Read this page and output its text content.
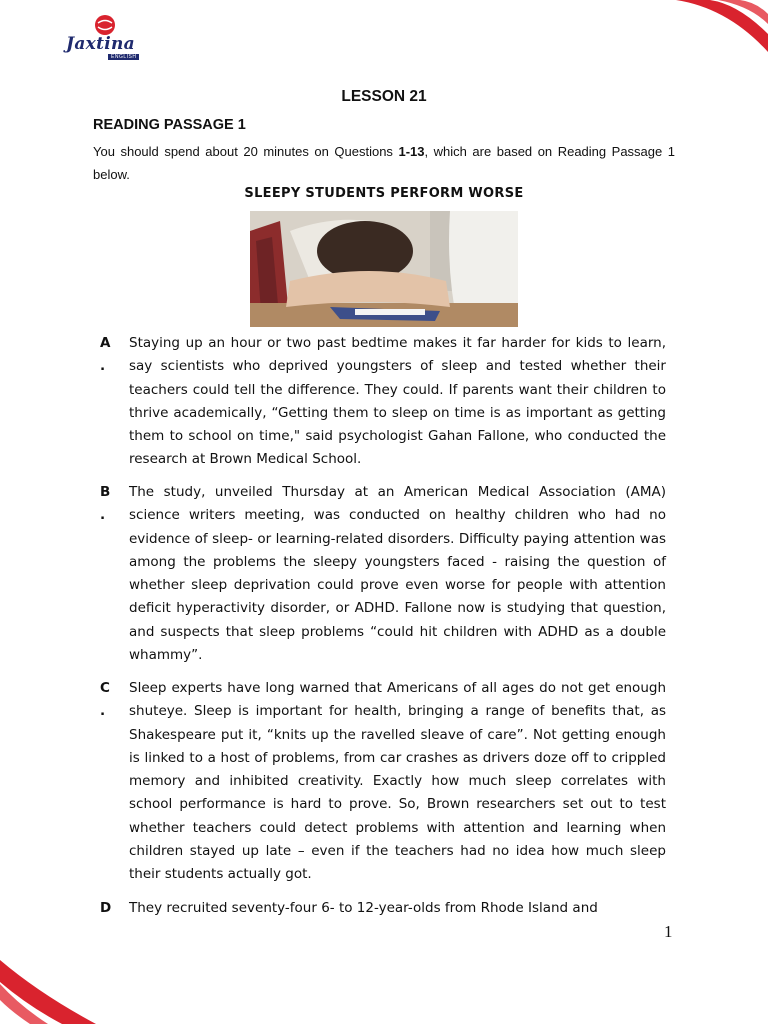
Jaxtina
ENGLISH
LESSON 21
READING PASSAGE 1
You should spend about 20 minutes on Questions 1-13, which are based on Reading Passage 1 below.
SLEEPY STUDENTS PERFORM WORSE
A
.
Staying up an hour or two past bedtime makes it far harder for kids to learn, say scientists who deprived youngsters of sleep and tested whether their teachers could tell the difference. They could. If parents want their children to thrive academically, “Getting them to sleep on time is as important as getting them to school on time," said psychologist Gahan Fallone, who conducted the research at Brown Medical School.
B
.
The study, unveiled Thursday at an American Medical Association (AMA) science writers meeting, was conducted on healthy children who had no evidence of sleep- or learning-related disorders. Difficulty paying attention was among the problems the sleepy youngsters faced - raising the question of whether sleep deprivation could prove even worse for people with attention deficit hyperactivity disorder, or ADHD. Fallone now is studying that question, and suspects that sleep problems “could hit children with ADHD as a double whammy”.
C
.
Sleep experts have long warned that Americans of all ages do not get enough shuteye. Sleep is important for health, bringing a range of benefits that, as Shakespeare put it, “knits up the ravelled sleave of care”. Not getting enough is linked to a host of problems, from car crashes as drivers doze off to crippled memory and inhibited creativity. Exactly how much sleep correlates with school performance is hard to prove. So, Brown researchers set out to test whether teachers could detect problems with attention and learning when children stayed up late – even if the teachers had no idea how much sleep their students actually got.
D They recruited seventy-four 6- to 12-year-olds from Rhode Island and
1
